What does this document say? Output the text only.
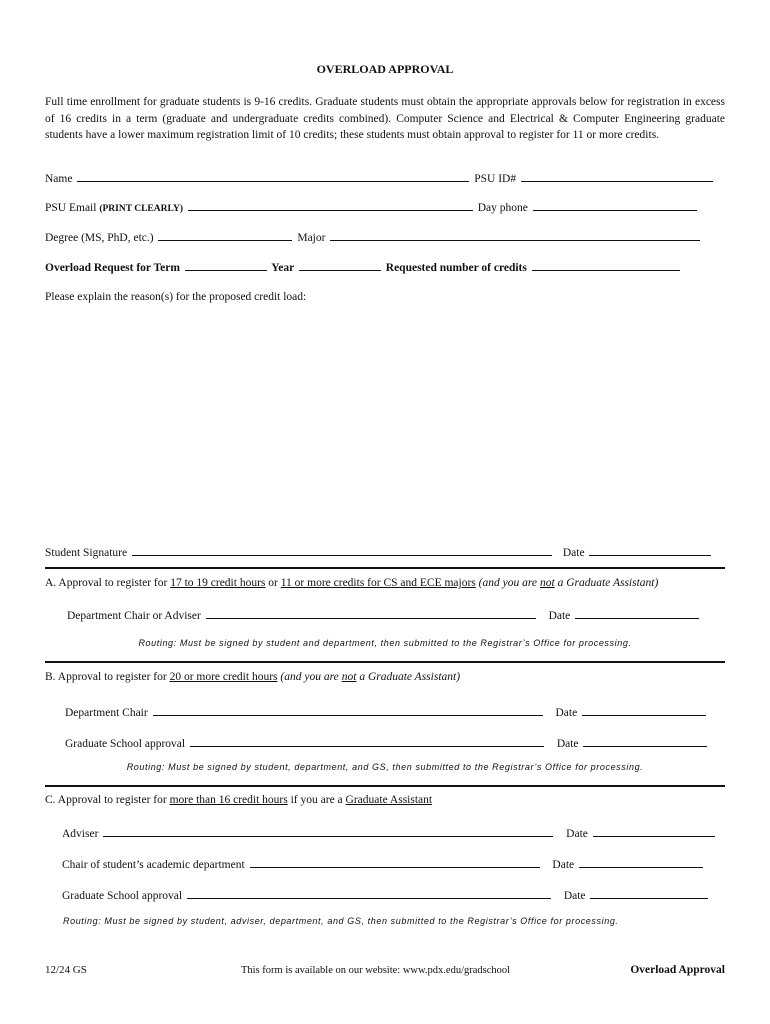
OVERLOAD APPROVAL
Full time enrollment for graduate students is 9-16 credits. Graduate students must obtain the appropriate approvals below for registration in excess of 16 credits in a term (graduate and undergraduate credits combined). Computer Science and Electrical & Computer Engineering graduate students have a lower maximum registration limit of 10 credits; these students must obtain approval to register for 11 or more credits.
Name	PSU ID#
PSU Email (PRINT CLEARLY)	Day phone
Degree (MS, PhD, etc.)	Major
Overload Request for Term	Year	Requested number of credits
Please explain the reason(s) for the proposed credit load:
Student Signature	Date
A. Approval to register for 17 to 19 credit hours or 11 or more credits for CS and ECE majors (and you are not a Graduate Assistant)
Department Chair or Adviser	Date
Routing: Must be signed by student and department, then submitted to the Registrar’s Office for processing.
B. Approval to register for 20 or more credit hours (and you are not a Graduate Assistant)
Department Chair	Date
Graduate School approval	Date
Routing: Must be signed by student, department, and GS, then submitted to the Registrar’s Office for processing.
C. Approval to register for more than 16 credit hours if you are a Graduate Assistant
Adviser	Date
Chair of student’s academic department	Date
Graduate School approval	Date
Routing: Must be signed by student, adviser, department, and GS, then submitted to the Registrar’s Office for processing.
12/24 GS	This form is available on our website: www.pdx.edu/gradschool	Overload Approval
